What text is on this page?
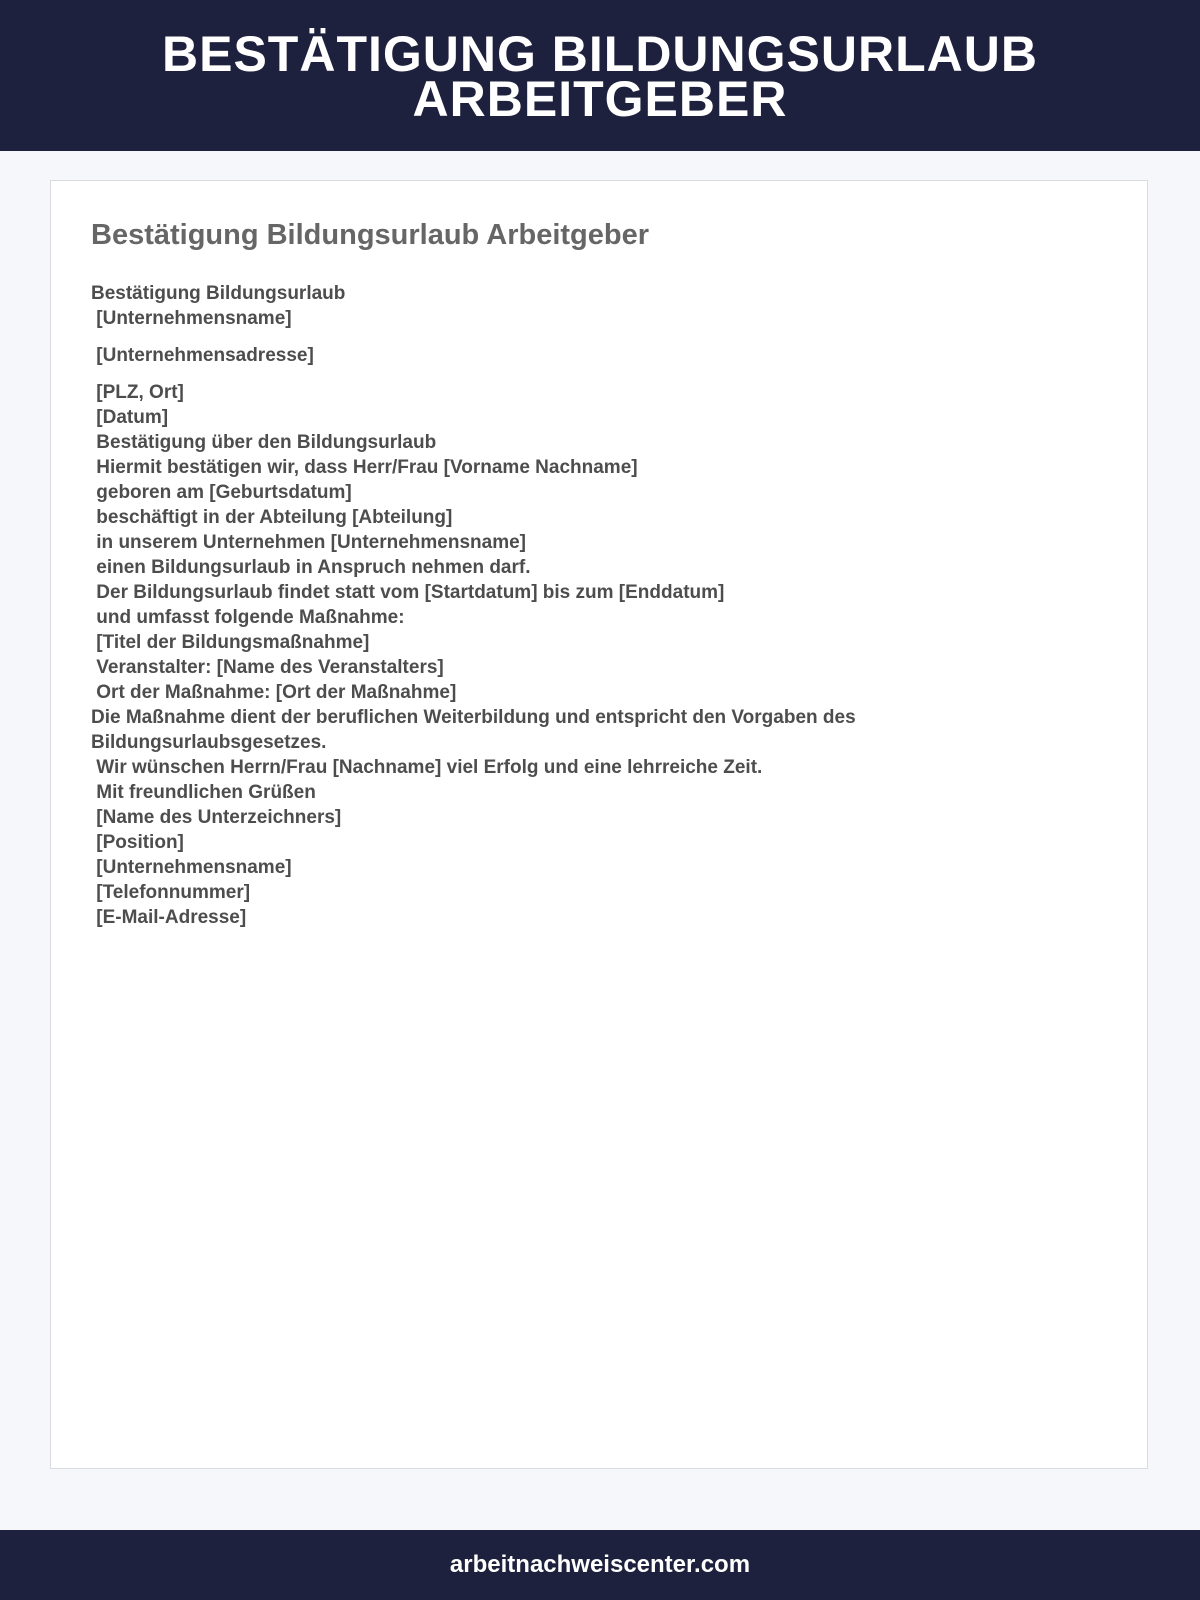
BESTÄTIGUNG BILDUNGSURLAUB ARBEITGEBER
Bestätigung Bildungsurlaub Arbeitgeber
Bestätigung Bildungsurlaub
[Unternehmensname]
[Unternehmensadresse]
[PLZ, Ort]
[Datum]
Bestätigung über den Bildungsurlaub
Hiermit bestätigen wir, dass Herr/Frau [Vorname Nachname]
geboren am [Geburtsdatum]
beschäftigt in der Abteilung [Abteilung]
in unserem Unternehmen [Unternehmensname]
einen Bildungsurlaub in Anspruch nehmen darf.
Der Bildungsurlaub findet statt vom [Startdatum] bis zum [Enddatum]
und umfasst folgende Maßnahme:
[Titel der Bildungsmaßnahme]
Veranstalter: [Name des Veranstalters]
Ort der Maßnahme: [Ort der Maßnahme]
Die Maßnahme dient der beruflichen Weiterbildung und entspricht den Vorgaben des Bildungsurlaubsgesetzes.
Wir wünschen Herrn/Frau [Nachname] viel Erfolg und eine lehrreiche Zeit.
Mit freundlichen Grüßen
[Name des Unterzeichners]
[Position]
[Unternehmensname]
[Telefonnummer]
[E-Mail-Adresse]
arbeitnachweiscenter.com
